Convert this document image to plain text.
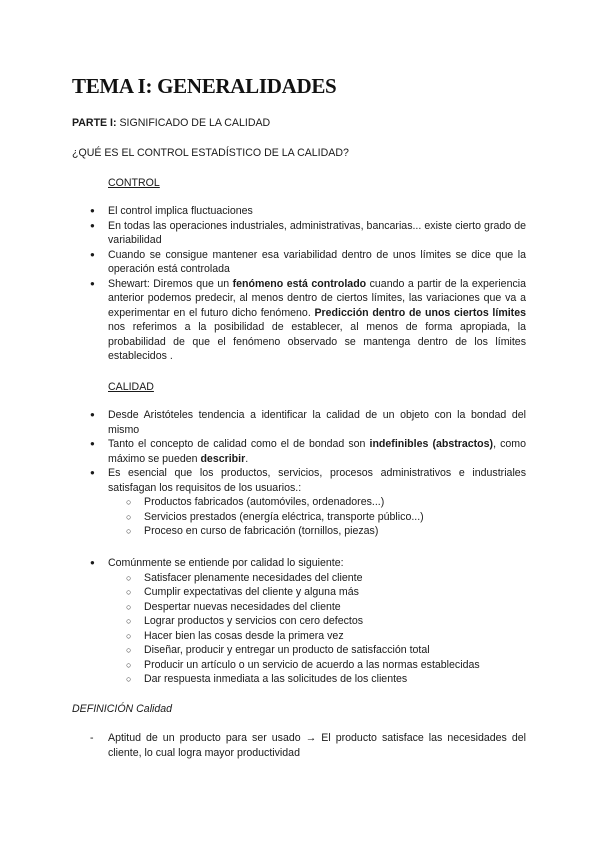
TEMA I: GENERALIDADES

PARTE I: SIGNIFICADO DE LA CALIDAD

¿QUÉ ES EL CONTROL ESTADÍSTICO DE LA CALIDAD?

CONTROL

● El control implica fluctuaciones
● En todas las operaciones industriales, administrativas, bancarias... existe cierto grado de variabilidad
● Cuando se consigue mantener esa variabilidad dentro de unos límites se dice que la operación está controlada
● Shewart: Diremos que un fenómeno está controlado cuando a partir de la experiencia anterior podemos predecir, al menos dentro de ciertos límites, las variaciones que va a experimentar en el futuro dicho fenómeno. Predicción dentro de unos ciertos límites nos referimos a la posibilidad de establecer, al menos de forma apropiada, la probabilidad de que el fenómeno observado se mantenga dentro de los límites establecidos .

CALIDAD

● Desde Aristóteles tendencia a identificar la calidad de un objeto con la bondad del mismo
● Tanto el concepto de calidad como el de bondad son indefinibles (abstractos), como máximo se pueden describir.
● Es esencial que los productos, servicios, procesos administrativos e industriales satisfagan los requisitos de los usuarios.:
○ Productos fabricados (automóviles, ordenadores...)
○ Servicios prestados (energía eléctrica, transporte público...)
○ Proceso en curso de fabricación (tornillos, piezas)
● Comúnmente se entiende por calidad lo siguiente:
○ Satisfacer plenamente necesidades del cliente
○ Cumplir expectativas del cliente y alguna más
○ Despertar nuevas necesidades del cliente
○ Lograr productos y servicios con cero defectos
○ Hacer bien las cosas desde la primera vez
○ Diseñar, producir y entregar un producto de satisfacción total
○ Producir un artículo o un servicio de acuerdo a las normas establecidas
○ Dar respuesta inmediata a las solicitudes de los clientes

DEFINICIÓN Calidad

- Aptitud de un producto para ser usado → El producto satisface las necesidades del cliente, lo cual logra mayor productividad
